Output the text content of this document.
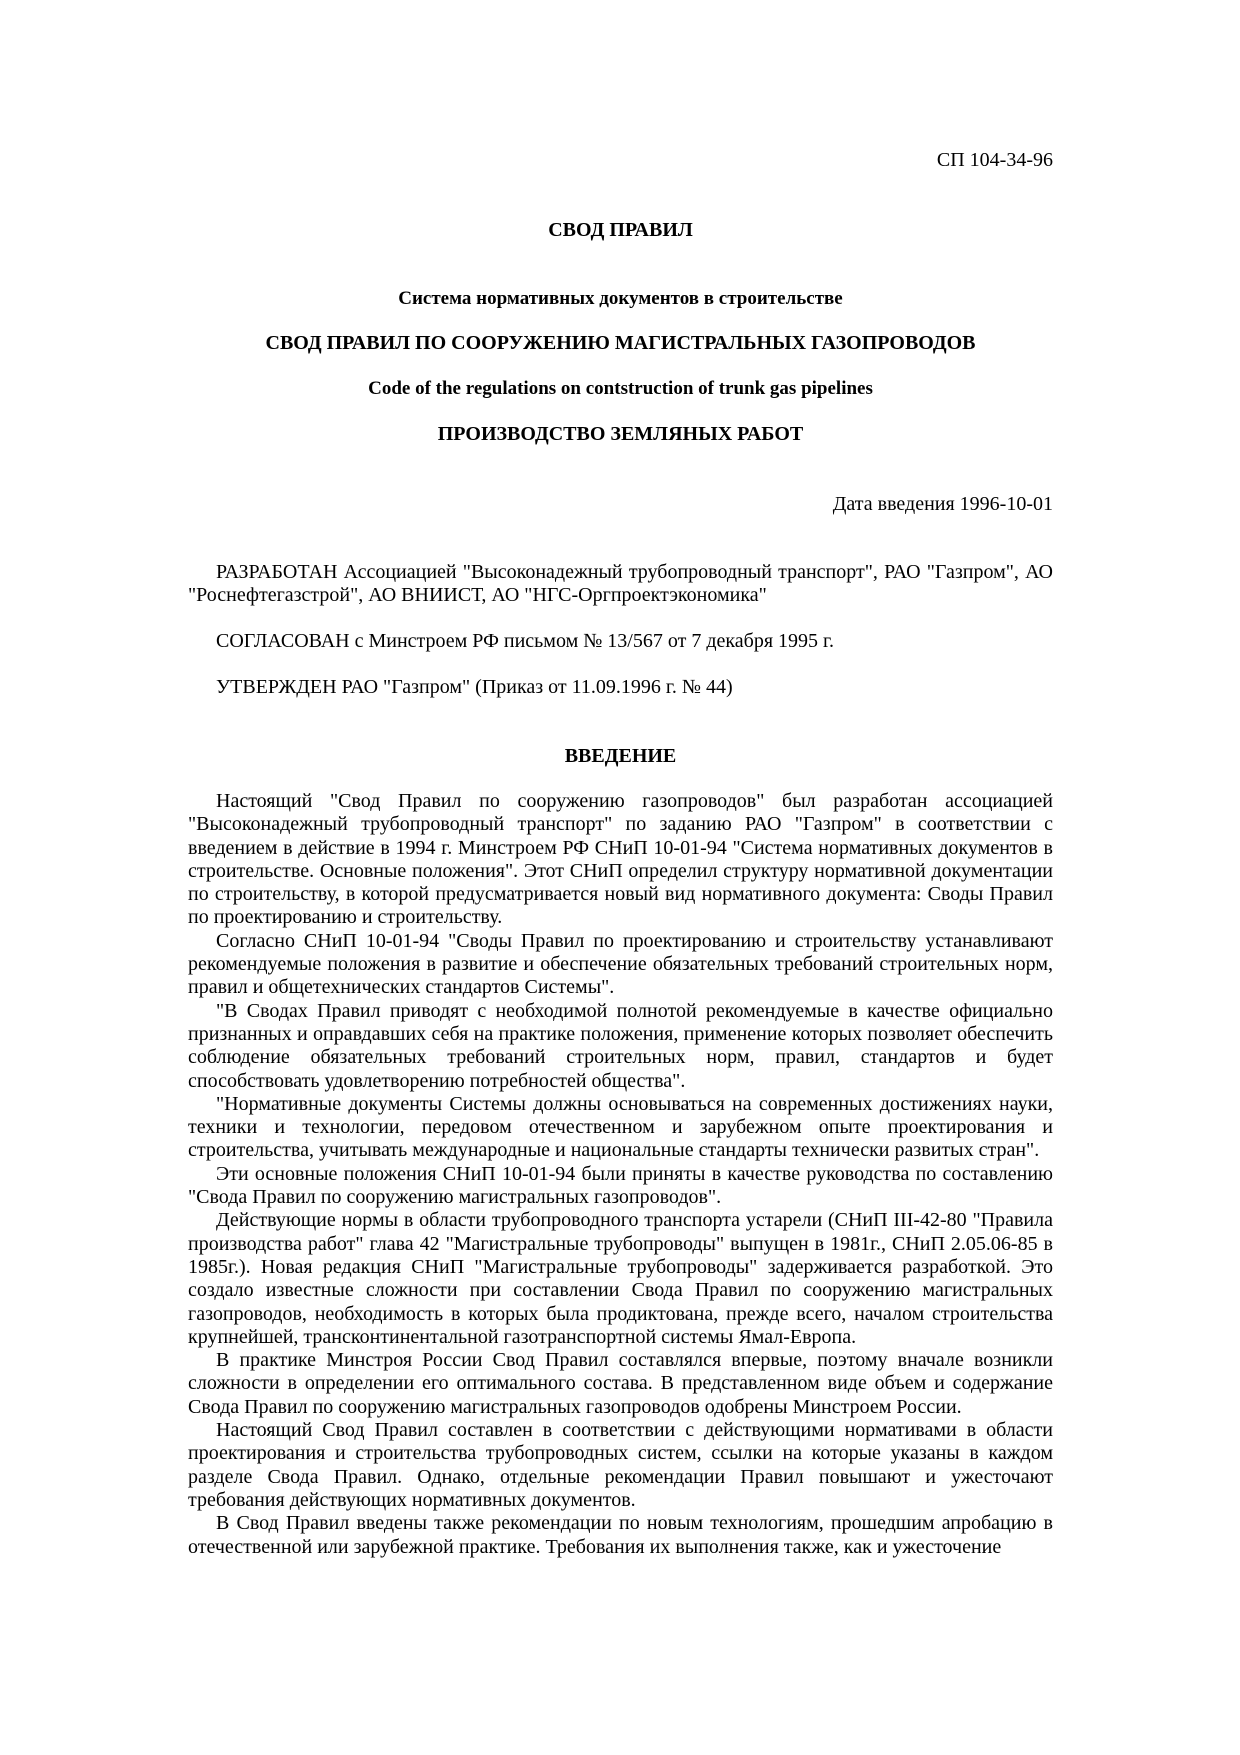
СП 104-34-96
СВОД ПРАВИЛ
Система нормативных документов в строительстве
СВОД ПРАВИЛ ПО СООРУЖЕНИЮ МАГИСТРАЛЬНЫХ ГАЗОПРОВОДОВ
Code of the regulations on contstruction of trunk gas pipelines
ПРОИЗВОДСТВО ЗЕМЛЯНЫХ РАБОТ
Дата введения 1996-10-01
РАЗРАБОТАН Ассоциацией "Высоконадежный трубопроводный транспорт", РАО "Газпром", АО "Роснефтегазстрой", АО ВНИИСТ, АО "НГС-Оргпроектэкономика"
СОГЛАСОВАН с Минстроем РФ письмом № 13/567 от 7 декабря 1995 г.
УТВЕРЖДЕН РАО "Газпром" (Приказ от 11.09.1996 г. № 44)
ВВЕДЕНИЕ

Настоящий "Свод Правил по сооружению газопроводов" был разработан ассоциацией "Высоконадежный трубопроводный транспорт" по заданию РАО "Газпром" в соответствии с введением в действие в 1994 г. Минстроем РФ СНиП 10-01-94 "Система нормативных документов в строительстве. Основные положения". Этот СНиП определил структуру нормативной документации по строительству, в которой предусматривается новый вид нормативного документа: Своды Правил по проектированию и строительству.

Согласно СНиП 10-01-94 "Своды Правил по проектированию и строительству устанавливают рекомендуемые положения в развитие и обеспечение обязательных требований строительных норм, правил и общетехнических стандартов Системы".

"В Сводах Правил приводят с необходимой полнотой рекомендуемые в качестве официально признанных и оправдавших себя на практике положения, применение которых позволяет обеспечить соблюдение обязательных требований строительных норм, правил, стандартов и будет способствовать удовлетворению потребностей общества".

"Нормативные документы Системы должны основываться на современных достижениях науки, техники и технологии, передовом отечественном и зарубежном опыте проектирования и строительства, учитывать международные и национальные стандарты технически развитых стран".

Эти основные положения СНиП 10-01-94 были приняты в качестве руководства по составлению "Свода Правил по сооружению магистральных газопроводов".

Действующие нормы в области трубопроводного транспорта устарели (СНиП III-42-80 "Правила производства работ" глава 42 "Магистральные трубопроводы" выпущен в 1981г., СНиП 2.05.06-85 в 1985г.). Новая редакция СНиП "Магистральные трубопроводы" задерживается разработкой. Это создало известные сложности при составлении Свода Правил по сооружению магистральных газопроводов, необходимость в которых была продиктована, прежде всего, началом строительства крупнейшей, трансконтинентальной газотранспортной системы Ямал-Европа.

В практике Минстроя России Свод Правил составлялся впервые, поэтому вначале возникли сложности в определении его оптимального состава. В представленном виде объем и содержание Свода Правил по сооружению магистральных газопроводов одобрены Минстроем России.

Настоящий Свод Правил составлен в соответствии с действующими нормативами в области проектирования и строительства трубопроводных систем, ссылки на которые указаны в каждом разделе Свода Правил. Однако, отдельные рекомендации Правил повышают и ужесточают требования действующих нормативных документов.

В Свод Правил введены также рекомендации по новым технологиям, прошедшим апробацию в отечественной или зарубежной практике. Требования их выполнения также, как и ужесточение
